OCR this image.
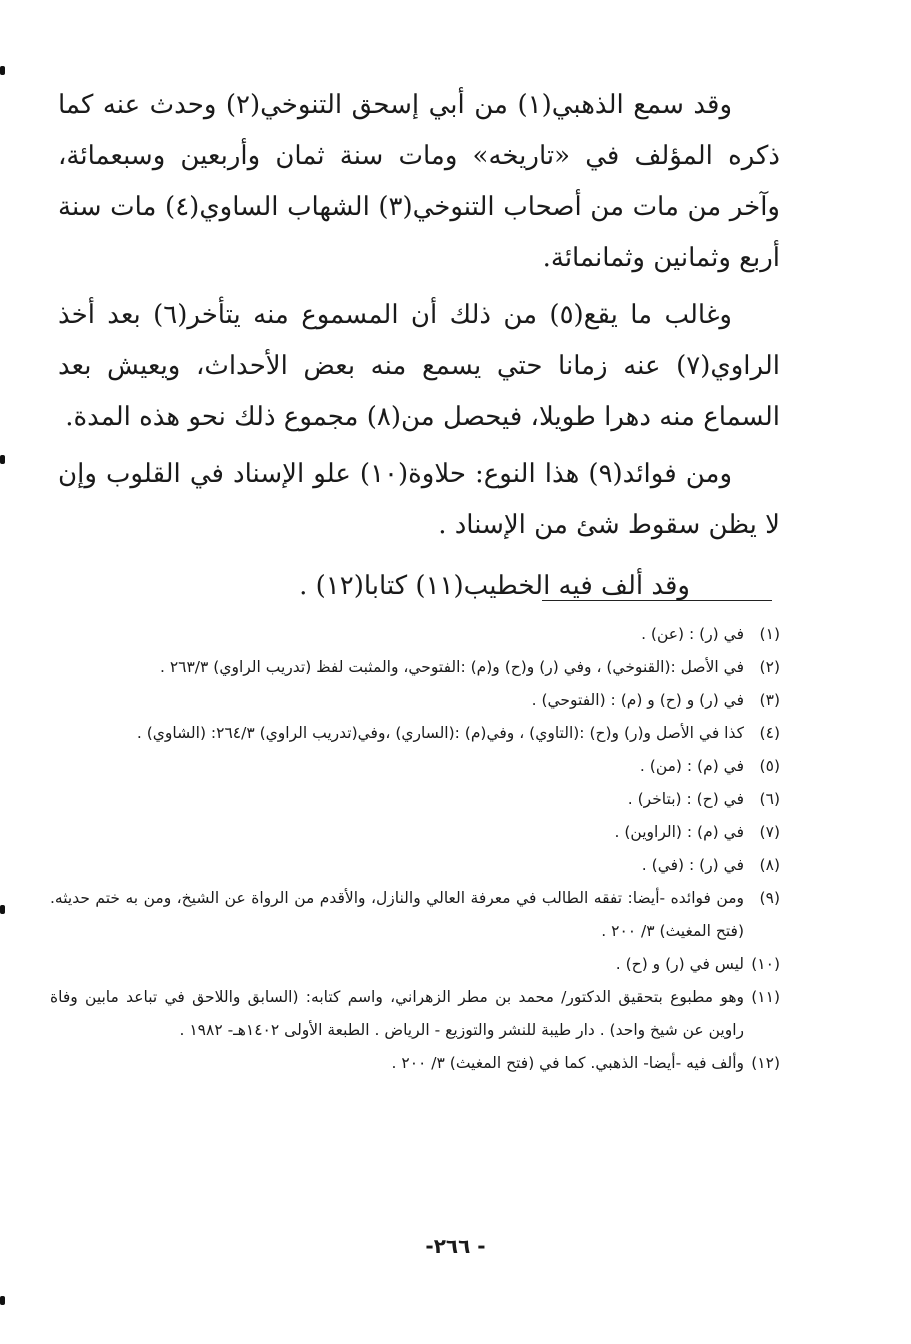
وقد سمع الذهبي(١) من أبي إسحق التنوخي(٢) وحدث عنه كما ذكره المؤلف في «تاريخه» ومات سنة ثمان وأربعين وسبعمائة، وآخر من مات من أصحاب التنوخي(٣) الشهاب الساوي(٤) مات سنة أربع وثمانين وثمانمائة.

وغالب ما يقع(٥) من ذلك أن المسموع منه يتأخر(٦) بعد أخذ الراوي(٧) عنه زمانا حتي يسمع منه بعض الأحداث، ويعيش بعد السماع منه دهرا طويلا، فيحصل من(٨) مجموع ذلك نحو هذه المدة.

ومن فوائد(٩) هذا النوع: حلاوة(١٠) علو الإسناد في القلوب وإن لا يظن سقوط شئ من الإسناد .

وقد ألف فيه الخطيب(١١) كتابا(١٢) .

(١)
في (ر) : (عن) .
(٢)
في الأصل :(القنوخي) ، وفي (ر) و(ح) و(م) :الفتوحي، والمثبت لفظ (تدريب الراوي) ٢٦٣/٣ .
(٣)
في (ر) و (ح) و (م) : (الفتوحي) .
(٤)
كذا في الأصل و(ر) و(ح) :(التاوي) ، وفي(م) :(الساري) ،وفي(تدريب الراوي) ٢٦٤/٣: (الشاوي) .
(٥)
في (م) : (من) .
(٦)
في (ح) : (بتاخر) .
(٧)
في (م) : (الراوين) .
(٨)
في (ر) : (في) .
(٩)
ومن فوائده -أيضا: تفقه الطالب في معرفة العالي والنازل، والأقدم من الرواة عن الشيخ، ومن به ختم حديثه. (فتح المغيث) ٣/ ٢٠٠ .
(١٠)
ليس في (ر) و (ح) .
(١١)
وهو مطبوع بتحقيق الدكتور/ محمد بن مطر الزهراني، واسم كتابه: (السابق واللاحق في تباعد مابين وفاة راوين عن شيخ واحد) . دار طيبة للنشر والتوزيع - الرياض . الطبعة الأولى ١٤٠٢هـ- ١٩٨٢ .
(١٢)
وألف فيه -أيضا- الذهبي. كما في (فتح المغيث) ٣/ ٢٠٠ .
- ٢٦٦-
